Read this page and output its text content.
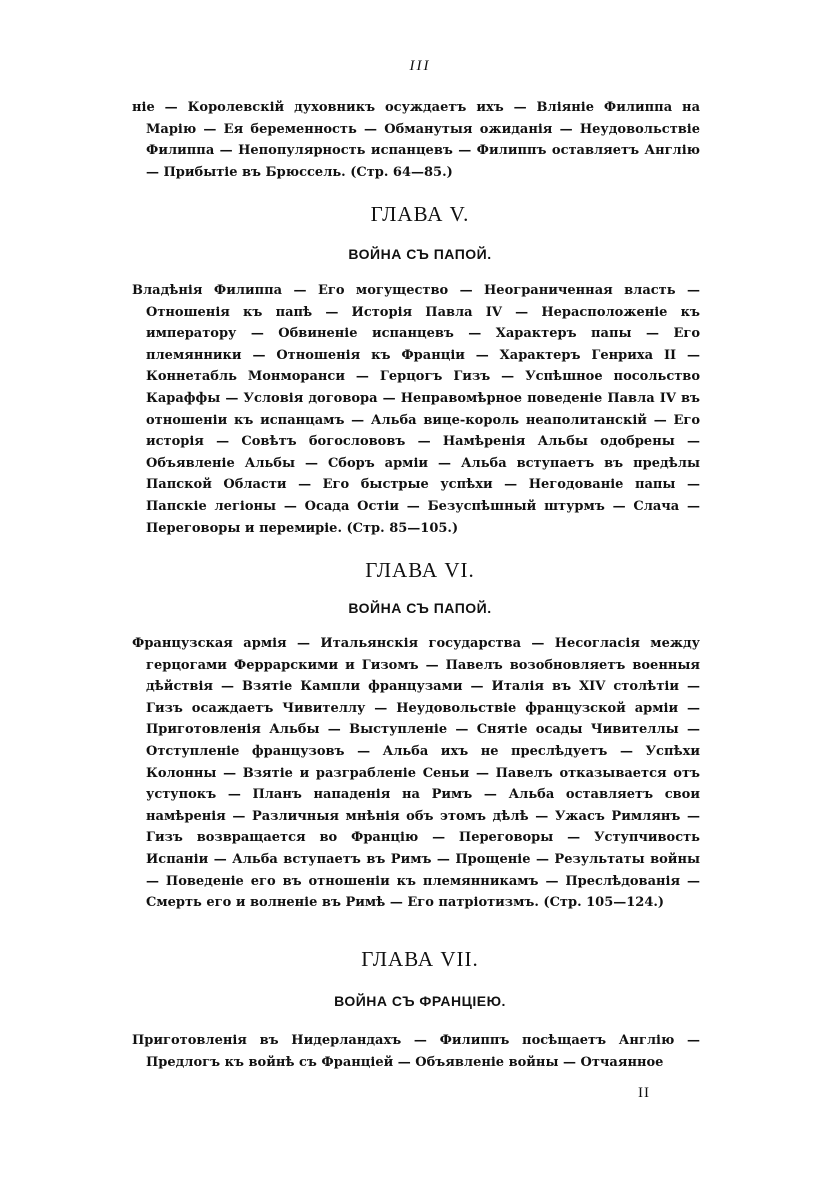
III

ніе — Королевскій духовникъ осуждаетъ ихъ — Вліяніе Филиппа на Марію — Ея беременность — Обманутыя ожиданія — Неудовольствіе Филиппа — Непопулярность испанцевъ — Филиппъ оставляетъ Англію — Прибытіе въ Брюссель. (Стр. 64—85.)

ГЛАВА V.
ВОЙНА СЪ ПАПОЙ.

Владѣнія Филиппа — Его могущество — Неограниченная власть — Отношенія къ папѣ — Исторія Павла IV — Нерасположеніе къ императору — Обвиненіе испанцевъ — Характеръ папы — Его племянники — Отношенія къ Франціи — Характеръ Генриха II — Коннетабль Монморанси — Герцогъ Гизъ — Успѣшное посольство Караффы — Условія договора — Неправомѣрное поведеніе Павла IV въ отношеніи къ испанцамъ — Альба вице-король неаполитанскій — Его исторія — Совѣтъ богослововъ — Намѣренія Альбы одобрены — Объявленіе Альбы — Сборъ арміи — Альба вступаетъ въ предѣлы Папской Области — Его быстрые успѣхи — Негодованіе папы — Папскіе легіоны — Осада Остіи — Безуспѣшный штурмъ — Слача — Переговоры и перемиріе. (Стр. 85—105.)

ГЛАВА VI.
ВОЙНА СЪ ПАПОЙ.

Французская армія — Итальянскія государства — Несогласія между герцогами Феррарскими и Гизомъ — Павелъ возобновляетъ военныя дѣйствія — Взятіе Кампли французами — Италія въ XIV столѣтіи — Гизъ осаждаетъ Чивителлу — Неудовольствіе французской арміи — Приготовленія Альбы — Выступленіе — Снятіе осады Чивителлы — Отступленіе французовъ — Альба ихъ не преслѣдуетъ — Успѣхи Колонны — Взятіе и разграбленіе Сеньи — Павелъ отказывается отъ уступокъ — Планъ нападенія на Римъ — Альба оставляетъ свои намѣренія — Различныя мнѣнія объ этомъ дѣлѣ — Ужасъ Римлянъ — Гизъ возвращается во Францію — Переговоры — Уступчивость Испаніи — Альба вступаетъ въ Римъ — Прощеніе — Результаты войны — Поведеніе его въ отношеніи къ племянникамъ — Преслѣдованія — Смерть его и волненіе въ Римѣ — Его патріотизмъ. (Стр. 105—124.)

ГЛАВА VII.
ВОЙНА СЪ ФРАНЦІЕЮ.

Приготовленія въ Нидерландахъ — Филиппъ посѣщаетъ Англію — Предлогъ къ войнѣ съ Франціей — Объявленіе войны — Отчаянное

II
